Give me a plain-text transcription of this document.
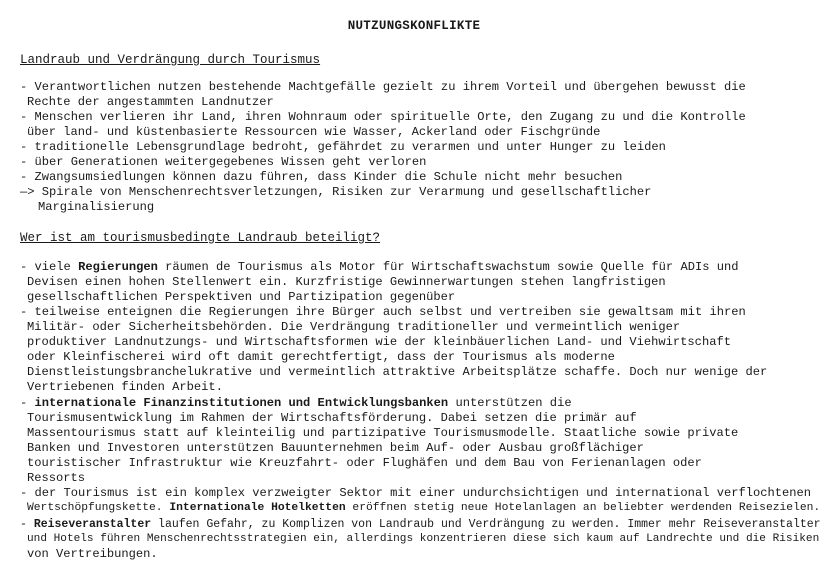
NUTZUNGSKONFLIKTE
Landraub und Verdrängung durch Tourismus
- Verantwortlichen nutzen bestehende Machtgefälle gezielt zu ihrem Vorteil und übergehen bewusst die
Rechte der angestammten Landnutzer
- Menschen verlieren ihr Land, ihren Wohnraum oder spirituelle Orte, den Zugang zu und die Kontrolle
über land- und küstenbasierte Ressourcen wie Wasser, Ackerland oder Fischgründe
- traditionelle Lebensgrundlage bedroht, gefährdet zu verarmen und unter Hunger zu leiden
- über Generationen weitergegebenes Wissen geht verloren
- Zwangsumsiedlungen können dazu führen, dass Kinder die Schule nicht mehr besuchen
—> Spirale von Menschenrechtsverletzungen, Risiken zur Verarmung und gesellschaftlicher
Marginalisierung
Wer ist am tourismusbedingte Landraub beteiligt?
- viele Regierungen räumen de Tourismus als Motor für Wirtschaftswachstum sowie Quelle für ADIs und
Devisen einen hohen Stellenwert ein. Kurzfristige Gewinnerwartungen stehen langfristigen
gesellschaftlichen Perspektiven und Partizipation gegenüber
- teilweise enteignen die Regierungen ihre Bürger auch selbst und vertreiben sie gewaltsam mit ihren
Militär- oder Sicherheitsbehörden. Die Verdrängung traditioneller und vermeintlich weniger
produktiver Landnutzungs- und Wirtschaftsformen wie der kleinbäuerlichen Land- und Viehwirtschaft
oder Kleinfischerei wird oft damit gerechtfertigt, dass der Tourismus als moderne
Dienstleistungsbranchelukrative und vermeintlich attraktive Arbeitsplätze schaffe. Doch nur wenige der
Vertriebenen finden Arbeit.
- internationale Finanzinstitutionen und Entwicklungsbanken unterstützen die
Tourismusentwicklung im Rahmen der Wirtschaftsförderung. Dabei setzen die primär auf
Massentourismus statt auf kleinteilig und partizipative Tourismusmodelle. Staatliche sowie private
Banken und Investoren unterstützen Bauunternehmen beim Auf- oder Ausbau großflächiger
touristischer Infrastruktur wie Kreuzfahrt- oder Flughäfen und dem Bau von Ferienanlagen oder
Ressorts
- der Tourismus ist ein komplex verzweigter Sektor mit einer undurchsichtigen und international verflochtenen
Wertschöpfungskette. Internationale Hotelketten eröffnen stetig neue Hotelanlagen an beliebter werdenden Reisezielen.
- Reiseveranstalter laufen Gefahr, zu Komplizen von Landraub und Verdrängung zu werden. Immer mehr Reiseveranstalter
und Hotels führen Menschenrechtsstrategien ein, allerdings konzentrieren diese sich kaum auf Landrechte und die Risiken
von Vertreibungen.
